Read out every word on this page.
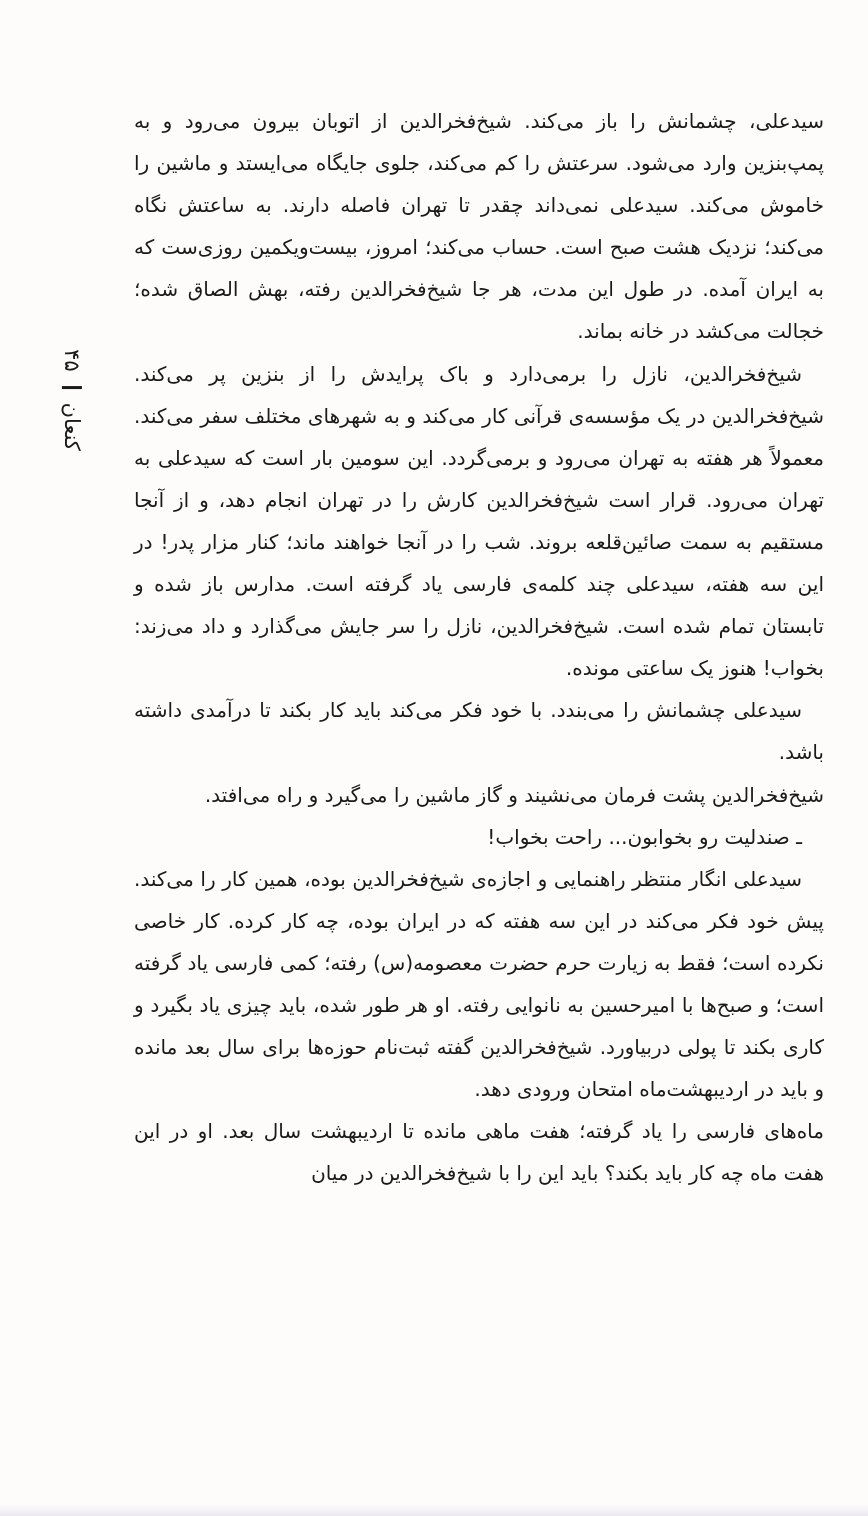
کنعان
۴۵

سیدعلی، چشمانش را باز می‌کند. شیخ‌فخرالدین از اتوبان بیرون می‌رود و به پمپ‌بنزین وارد می‌شود. سرعتش را کم می‌کند، جلوی جایگاه می‌ایستد و ماشین را خاموش می‌کند. سیدعلی نمی‌داند چقدر تا تهران فاصله دارند. به ساعتش نگاه می‌کند؛ نزدیک هشت صبح است. حساب می‌کند؛ امروز، بیست‌ویکمین روزی‌ست که به ایران آمده. در طول این مدت، هر جا شیخ‌فخرالدین رفته، بهش الصاق شده؛ خجالت می‌کشد در خانه بماند.

شیخ‌فخرالدین، نازل را برمی‌دارد و باک پرایدش را از بنزین پر می‌کند. شیخ‌فخرالدین در یک مؤسسه‌ی قرآنی کار می‌کند و به شهرهای مختلف سفر می‌کند. معمولاً هر هفته به تهران می‌رود و برمی‌گردد. این سومین بار است که سیدعلی به تهران می‌رود. قرار است شیخ‌فخرالدین کارش را در تهران انجام دهد، و از آنجا مستقیم به سمت صائین‌قلعه بروند. شب را در آنجا خواهند ماند؛ کنار مزار پدر! در این سه هفته، سیدعلی چند کلمه‌ی فارسی یاد گرفته است. مدارس باز شده و تابستان تمام شده است. شیخ‌فخرالدین، نازل را سر جایش می‌گذارد و داد می‌زند: بخواب! هنوز یک ساعتی مونده.

سیدعلی چشمانش را می‌بندد. با خود فکر می‌کند باید کار بکند تا درآمدی داشته باشد.

شیخ‌فخرالدین پشت فرمان می‌نشیند و گاز ماشین را می‌گیرد و راه می‌افتد.

ـ صندلیت رو بخوابون... راحت بخواب!

سیدعلی انگار منتظر راهنمایی و اجازه‌ی شیخ‌فخرالدین بوده، همین کار را می‌کند. پیش خود فکر می‌کند در این سه هفته که در ایران بوده، چه کار کرده. کار خاصی نکرده است؛ فقط به زیارت حرم حضرت معصومه(س) رفته؛ کمی فارسی یاد گرفته است؛ و صبح‌ها با امیرحسین به نانوایی رفته. او هر طور شده، باید چیزی یاد بگیرد و کاری بکند تا پولی دربیاورد. شیخ‌فخرالدین گفته ثبت‌نام حوزه‌ها برای سال بعد مانده و باید در اردیبهشت‌ماه امتحان ورودی دهد.

ماه‌های فارسی را یاد گرفته؛ هفت ماهی مانده تا اردیبهشت سال بعد. او در این هفت ماه چه کار باید بکند؟ باید این را با شیخ‌فخرالدین در میان
